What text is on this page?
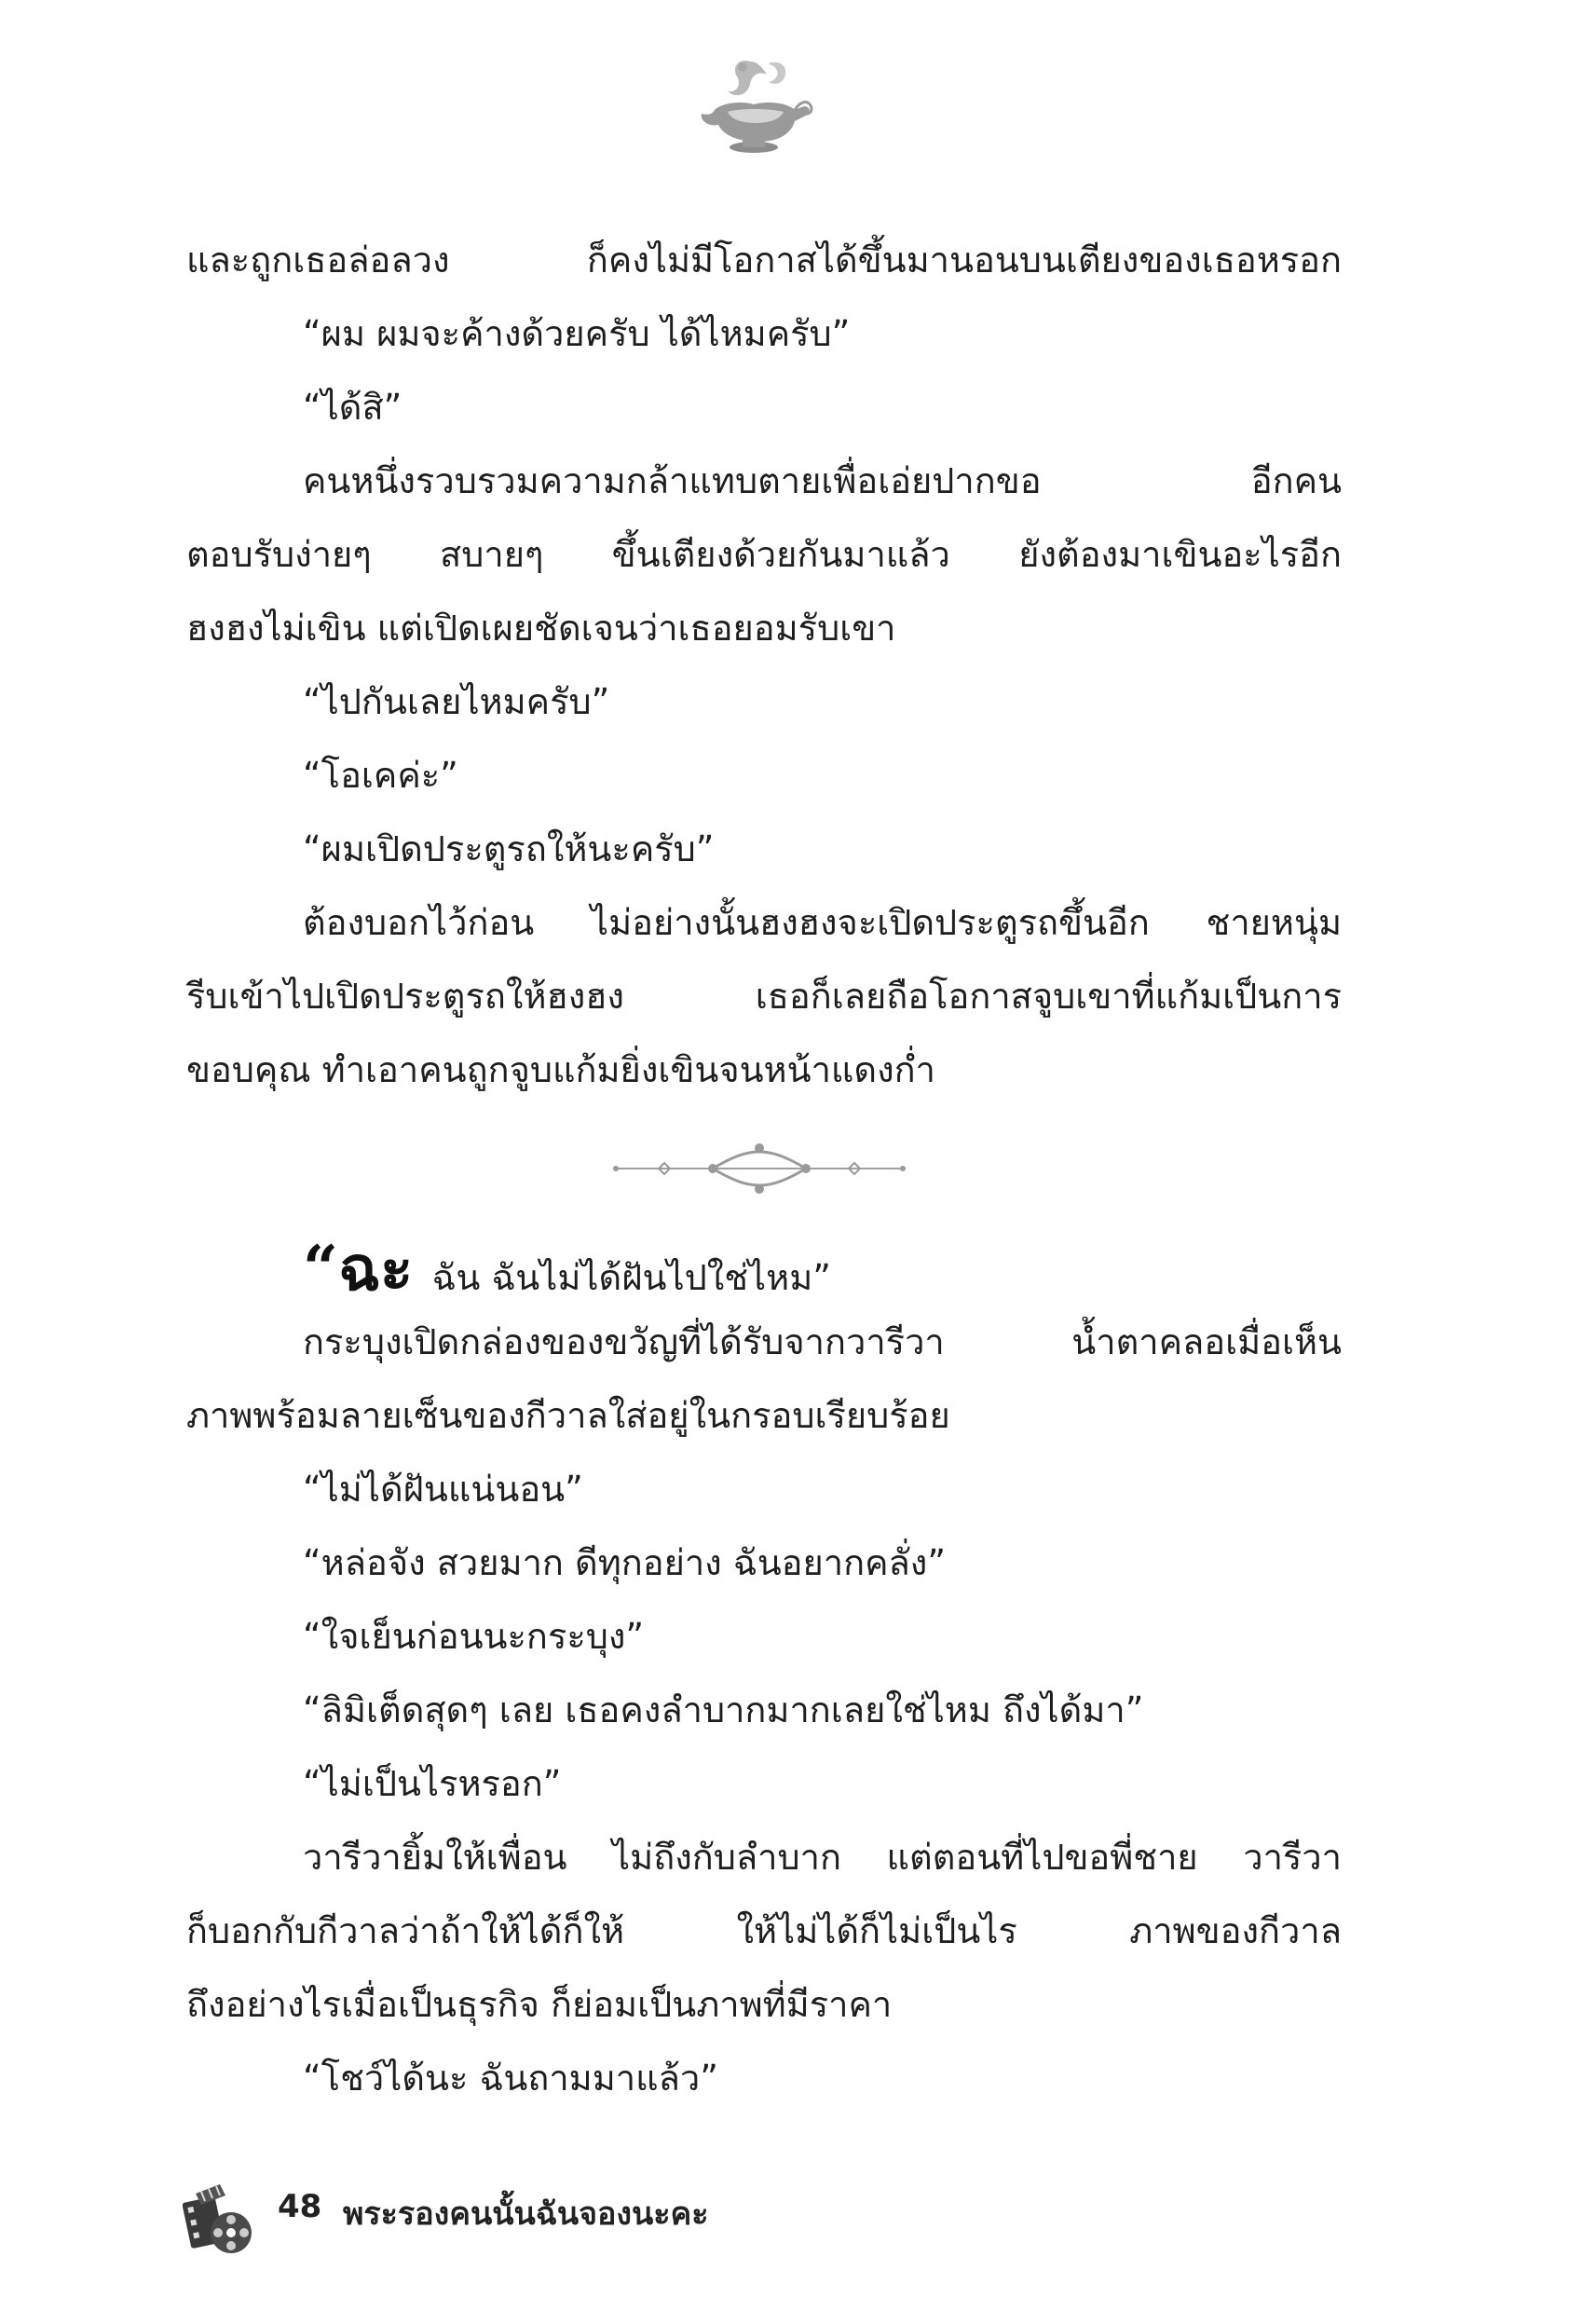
และถูกเธอล่อลวง ก็คงไม่มีโอกาสได้ขึ้นมานอนบนเตียงของเธอหรอก
“ผม ผมจะค้างด้วยครับ ได้ไหมครับ”
“ได้สิ”
คนหนึ่งรวบรวมความกล้าแทบตายเพื่อเอ่ยปากขอ อีกคน
ตอบรับง่ายๆ สบายๆ ขึ้นเตียงด้วยกันมาแล้ว ยังต้องมาเขินอะไรอีก
ฮงฮงไม่เขิน แต่เปิดเผยชัดเจนว่าเธอยอมรับเขา
“ไปกันเลยไหมครับ”
“โอเคค่ะ”
“ผมเปิดประตูรถให้นะครับ”
ต้องบอกไว้ก่อน ไม่อย่างนั้นฮงฮงจะเปิดประตูรถขึ้นอีก ชายหนุ่ม
รีบเข้าไปเปิดประตูรถให้ฮงฮง เธอก็เลยถือโอกาสจูบเขาที่แก้มเป็นการ
ขอบคุณ ทำเอาคนถูกจูบแก้มยิ่งเขินจนหน้าแดงก่ำ
“ฉะ ฉัน ฉันไม่ได้ฝันไปใช่ไหม”
กระบุงเปิดกล่องของขวัญที่ได้รับจากวารีวา น้ำตาคลอเมื่อเห็น
ภาพพร้อมลายเซ็นของกีวาลใส่อยู่ในกรอบเรียบร้อย
“ไม่ได้ฝันแน่นอน”
“หล่อจัง สวยมาก ดีทุกอย่าง ฉันอยากคลั่ง”
“ใจเย็นก่อนนะกระบุง”
“ลิมิเต็ดสุดๆ เลย เธอคงลำบากมากเลยใช่ไหม ถึงได้มา”
“ไม่เป็นไรหรอก”
วารีวายิ้มให้เพื่อน ไม่ถึงกับลำบาก แต่ตอนที่ไปขอพี่ชาย วารีวา
ก็บอกกับกีวาลว่าถ้าให้ได้ก็ให้ ให้ไม่ได้ก็ไม่เป็นไร ภาพของกีวาล
ถึงอย่างไรเมื่อเป็นธุรกิจ ก็ย่อมเป็นภาพที่มีราคา
“โชว์ได้นะ ฉันถามมาแล้ว”
48 พระรองคนนั้นฉันจองนะคะ
